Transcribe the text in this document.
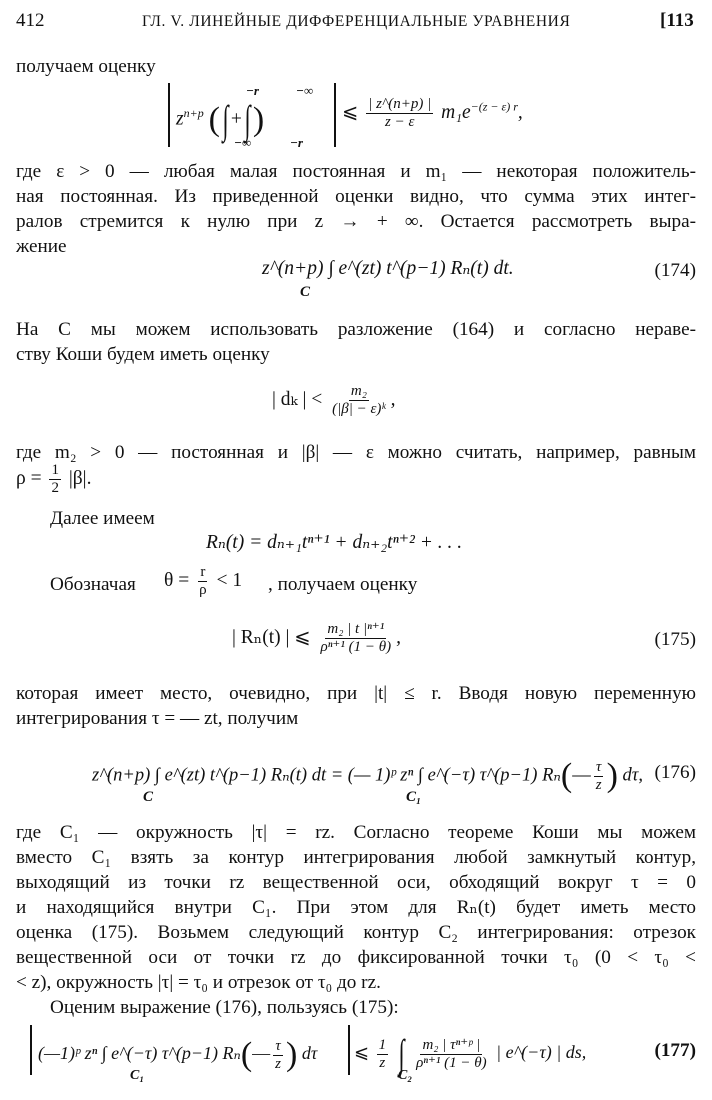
412	ГЛ. V. ЛИНЕЙНЫЕ ДИФФЕРЕНЦИАЛЬНЫЕ УРАВНЕНИЯ	[113
получаем оценку
$z^{n+p}$ (∫ +∫)
−r
−∞
−∞
−r
⩽ $\frac{| z\^{}(n+p) |}{z - \varepsilon} m_1e^{-(z - \varepsilon) r}$,
где ε > 0 — любая малая постоянная и m₁ — некоторая положитель-
ная постоянная. Из приведенной оценки видно, что сумма этих интег-
ралов стремится к нулю при z → + ∞. Остается рассмотреть выра-
жение
z^(n+p) ∫ e^(zt) t^(p−1) Rₙ(t) dt.
C
(174)
На C мы можем использовать разложение (164) и согласно нераве-
ству Коши будем иметь оценку
| dₖ | < $\frac{\text{m₂}}{\text{(|β| − ε)ᵏ}}$ ,
где m₂ > 0 — постоянная и |β| — ε можно считать, например, равным
$\rho = \frac{1}{2} |\beta|$.
Далее имеем
Rₙ(t) = dₙ₊₁tⁿ⁺¹ + dₙ₊₂tⁿ⁺² + . . .
Обозначая $\theta = \frac{r}{\rho} < 1$ , получаем оценку
| Rₙ(t) | ⩽ $\frac{\text{m₂ | t |ⁿ⁺¹}}{\text{ρⁿ⁺¹ (1 − θ)}}$ ,	(175)
которая имеет место, очевидно, при |t| ≤ r. Вводя новую переменную
интегрирования τ = — zt, получим
z^(n+p) ∫ e^(zt) t^(p−1) Rₙ(t) dt = (— 1)ᵖ zⁿ ∫ e^(−τ) τ^(p−1) Rₙ(— $\frac{\tau}{z}$ ) dτ,
C	C₁
(176)
где C₁ — окружность |τ| = rz. Согласно теореме Коши мы можем
вместо C₁ взять за контур интегрирования любой замкнутый контур,
выходящий из точки rz вещественной оси, обходящий вокруг τ = 0
и находящийся внутри C₁. При этом для Rₙ(t) будет иметь место
оценка (175). Возьмем следующий контур C₂ интегрирования: отрезок
вещественной оси от точки rz до фиксированной точки τ₀ (0 < τ₀ <
< z), окружность |τ| = τ₀ и отрезок от τ₀ до rz.
Оценим выражение (176), пользуясь (175):
(—1)ᵖ zⁿ ∫ e^(−τ) τ^(p−1) Rₙ(— $\frac{\tau}{z}$ ) dτ ⩽ $\frac{1}{z}$ ∫ $\frac{\text{m₂ | τⁿ⁺ᵖ |}}{\text{ρⁿ⁺¹ (1 − θ)}}$ | e^(−τ) | ds,
C₁	C₂
(177)
